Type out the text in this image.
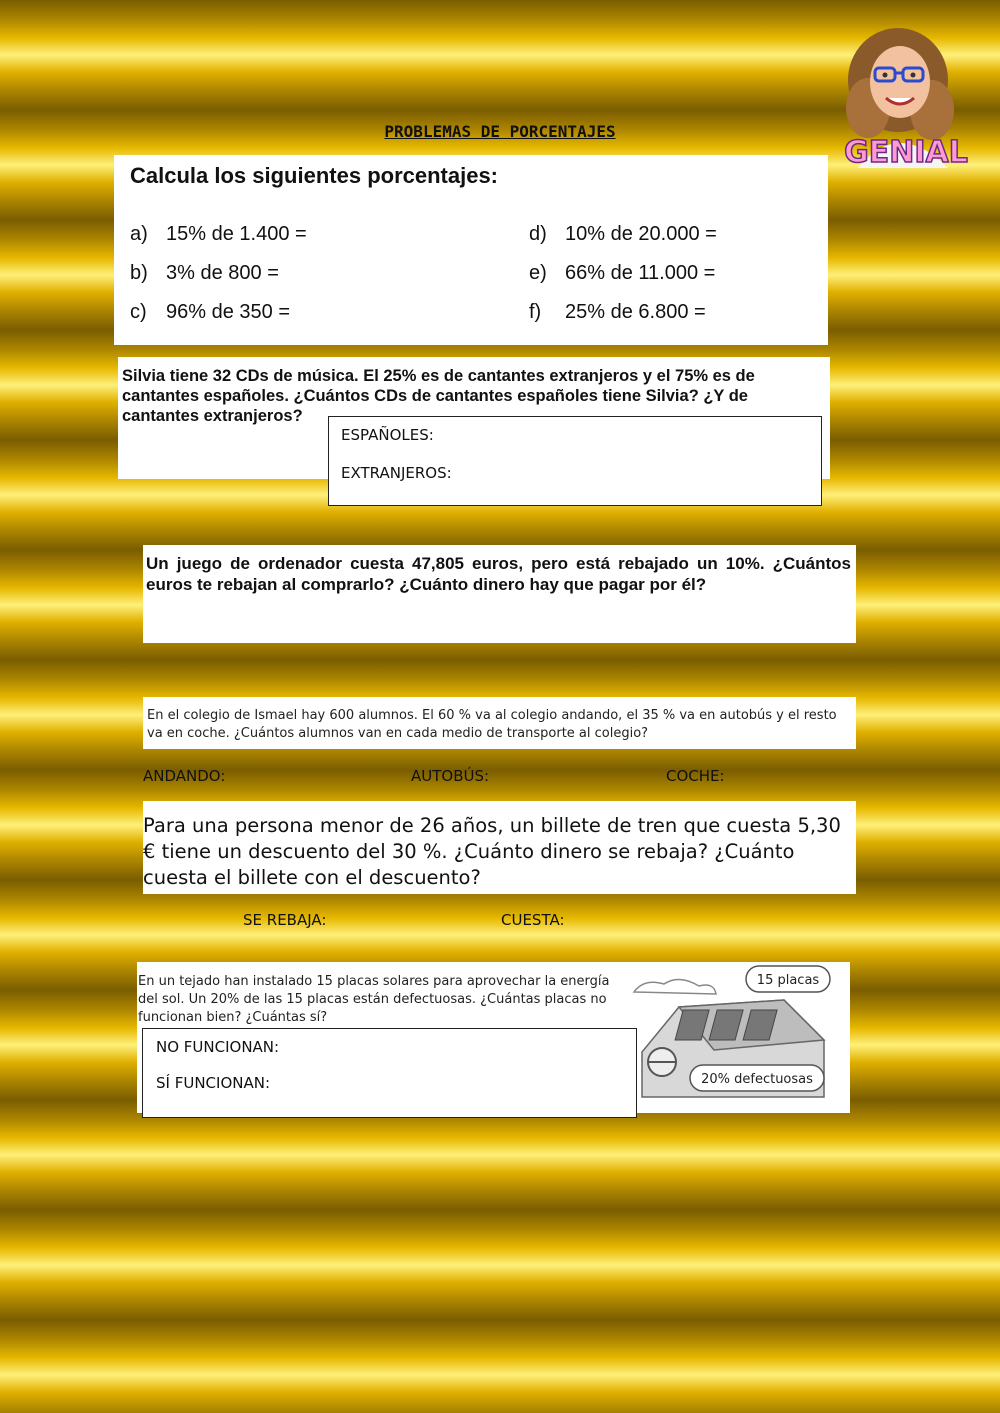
PROBLEMAS DE PORCENTAJES
GENIAL
Calcula los siguientes porcentajes:
a) 15% de 1.400 =
b) 3% de 800 =
c) 96% de 350 =
d) 10% de 20.000 =
e) 66% de 11.000 =
f) 25% de 6.800 =
Silvia tiene 32 CDs de música. El 25% es de cantantes extranjeros y el 75% es de cantantes españoles. ¿Cuántos CDs de cantantes españoles tiene Silvia? ¿Y de cantantes extranjeros?
ESPAÑOLES:
EXTRANJEROS:
Un juego de ordenador cuesta 47,805 euros, pero está rebajado un 10%. ¿Cuántos euros te rebajan al comprarlo? ¿Cuánto dinero hay que pagar por él?
En el colegio de Ismael hay 600 alumnos. El 60 % va al colegio andando, el 35 % va en autobús y el resto va en coche. ¿Cuántos alumnos van en cada medio de transporte al colegio?
ANDANDO:	AUTOBÚS:	COCHE:
Para una persona menor de 26 años, un billete de tren que cuesta 5,30 € tiene un descuento del 30 %. ¿Cuánto dinero se rebaja? ¿Cuánto cuesta el billete con el descuento?
SE REBAJA:	CUESTA:
En un tejado han instalado 15 placas solares para aprovechar la energía del sol. Un 20% de las 15 placas están defectuosas. ¿Cuántas placas no funcionan bien? ¿Cuántas sí?
15 placas
20% defectuosas
NO FUNCIONAN:
SÍ FUNCIONAN:
